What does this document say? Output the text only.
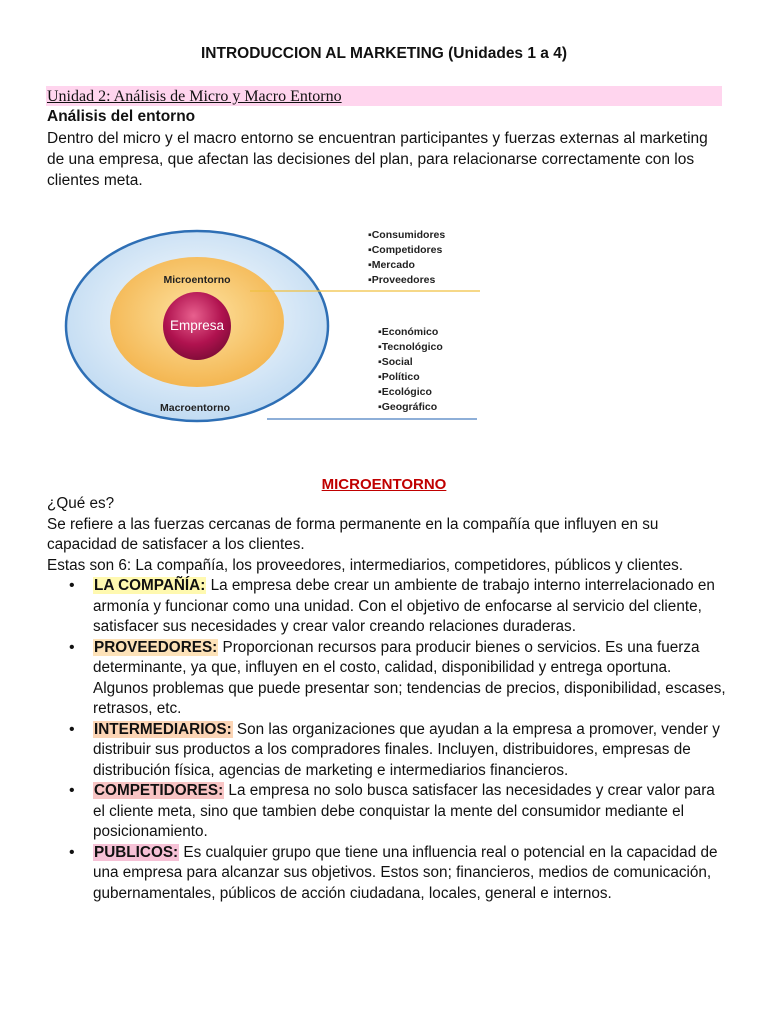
INTRODUCCION AL MARKETING (Unidades 1 a 4)
Unidad 2: Análisis de Micro y Macro Entorno
Análisis del entorno
Dentro del micro y el macro entorno se encuentran participantes y fuerzas externas al marketing de una empresa, que afectan las decisiones del plan, para relacionarse correctamente con los clientes meta.
Microentorno
Empresa
Macroentorno
▪Consumidores
▪Competidores
▪Mercado
▪Proveedores
▪Económico
▪Tecnológico
▪Social
▪Político
▪Ecológico
▪Geográfico
MICROENTORNO

¿Qué es?

Se refiere a las fuerzas cercanas de forma permanente en la compañía que influyen en su capacidad de satisfacer a los clientes.

Estas son 6: La compañía, los proveedores, intermediarios, competidores, públicos y clientes.

• LA COMPAÑÍA: La empresa debe crear un ambiente de trabajo interno interrelacionado en armonía y funcionar como una unidad. Con el objetivo de enfocarse al servicio del cliente, satisfacer sus necesidades y crear valor creando relaciones duraderas.
• PROVEEDORES: Proporcionan recursos para producir bienes o servicios. Es una fuerza determinante, ya que, influyen en el costo, calidad, disponibilidad y entrega oportuna. Algunos problemas que puede presentar son; tendencias de precios, disponibilidad, escases, retrasos, etc.
• INTERMEDIARIOS: Son las organizaciones que ayudan a la empresa a promover, vender y distribuir sus productos a los compradores finales. Incluyen, distribuidores, empresas de distribución física, agencias de marketing e intermediarios financieros.
• COMPETIDORES: La empresa no solo busca satisfacer las necesidades y crear valor para el cliente meta, sino que tambien debe conquistar la mente del consumidor mediante el posicionamiento.
• PUBLICOS: Es cualquier grupo que tiene una influencia real o potencial en la capacidad de una empresa para alcanzar sus objetivos. Estos son; financieros, medios de comunicación, gubernamentales, públicos de acción ciudadana, locales, general e internos.
